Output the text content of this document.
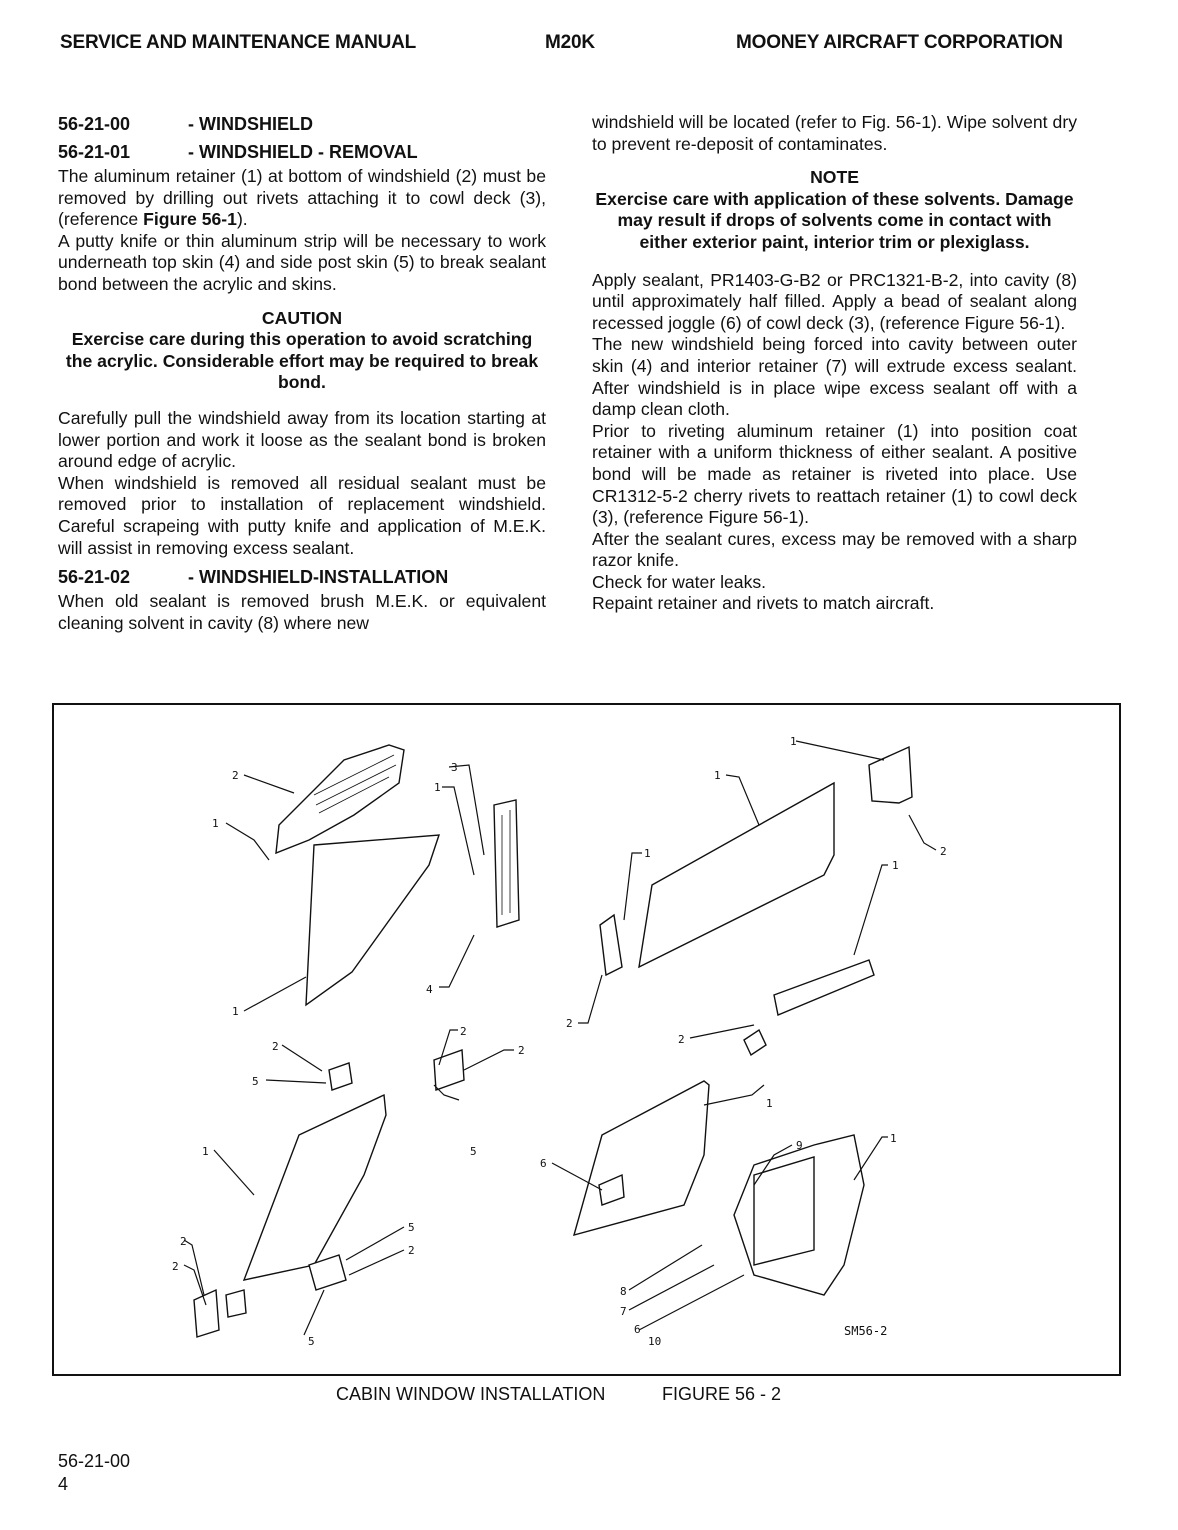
SERVICE AND MAINTENANCE MANUAL	M20K	MOONEY AIRCRAFT CORPORATION
56-21-00	- WINDSHIELD
56-21-01	- WINDSHIELD - REMOVAL

The aluminum retainer (1) at bottom of windshield (2) must be removed by drilling out rivets attaching it to cowl deck (3), (reference Figure 56-1).

A putty knife or thin aluminum strip will be necessary to work underneath top skin (4) and side post skin (5) to break sealant bond between the acrylic and skins.

CAUTION

Exercise care during this operation to avoid scratching the acrylic. Considerable effort may be required to break bond.

Carefully pull the windshield away from its location starting at lower portion and work it loose as the sealant bond is broken around edge of acrylic.

When windshield is removed all residual sealant must be removed prior to installation of replacement windshield. Careful scrapeing with putty knife and application of M.E.K. will assist in removing excess sealant.

56-21-02	- WINDSHIELD-INSTALLATION

When old sealant is removed brush M.E.K. or equivalent cleaning solvent in cavity (8) where new

windshield will be located (refer to Fig. 56-1). Wipe solvent dry to prevent re-deposit of contaminates.

NOTE

Exercise care with application of these solvents. Damage may result if drops of solvents come in contact with either exterior paint, interior trim or plexiglass.

Apply sealant, PR1403-G-B2 or PRC1321-B-2, into cavity (8) until approximately half filled. Apply a bead of sealant along recessed joggle (6) of cowl deck (3), (reference Figure 56-1).

The new windshield being forced into cavity between outer skin (4) and interior retainer (7) will extrude excess sealant. After windshield is in place wipe excess sealant off with a damp clean cloth.

Prior to riveting aluminum retainer (1) into position coat retainer with a uniform thickness of either sealant. A positive bond will be made as retainer is riveted into place. Use CR1312-5-2 cherry rivets to reattach retainer (1) to cowl deck (3), (reference Figure 56-1).

After the sealant cures, excess may be removed with a sharp razor knife.

Check for water leaks.

Repaint retainer and rivets to match aircraft.

2
1
3
1
1
4
1
1
2
1
1
2
2
2
5
2
2
1	5
5
2
2
2
5
1
9
1
6
8
7
6
10
SM56-2
CABIN WINDOW INSTALLATION	FIGURE 56 - 2
56-21-00
4
